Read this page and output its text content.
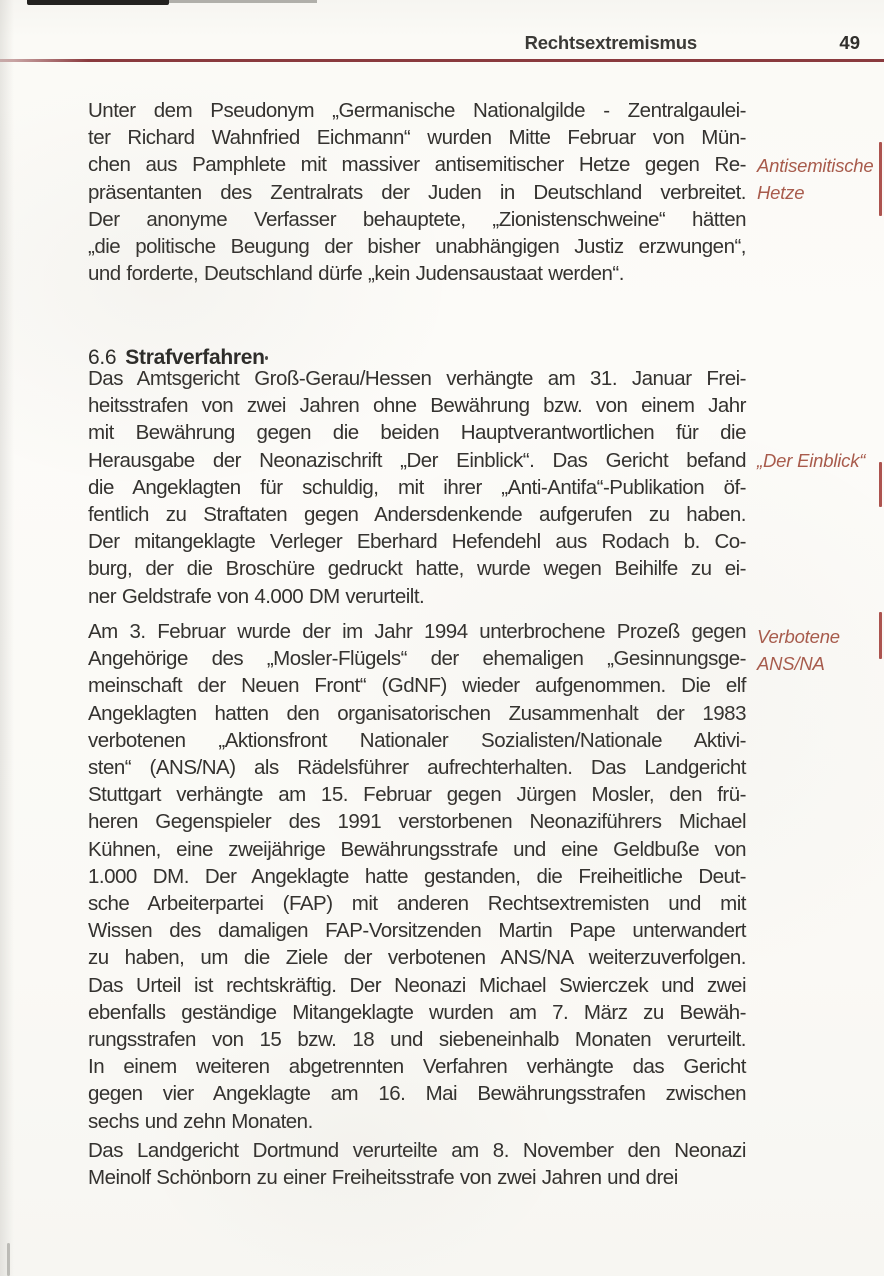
Rechtsextremismus	49
Unter dem Pseudonym „Germanische Nationalgilde - Zentralgaulei-
ter Richard Wahnfried Eichmann“ wurden Mitte Februar von Mün-
chen aus Pamphlete mit massiver antisemitischer Hetze gegen Re-
präsentanten des Zentralrats der Juden in Deutschland verbreitet.
Der anonyme Verfasser behauptete, „Zionistenschweine“ hätten
„die politische Beugung der bisher unabhängigen Justiz erzwungen“,
und forderte, Deutschland dürfe „kein Judensaustaat werden“.
Das Amtsgericht Groß-Gerau/Hessen verhängte am 31. Januar Frei-
heitsstrafen von zwei Jahren ohne Bewährung bzw. von einem Jahr
mit Bewährung gegen die beiden Hauptverantwortlichen für die
Herausgabe der Neonazischrift „Der Einblick“. Das Gericht befand
die Angeklagten für schuldig, mit ihrer „Anti-Antifa“-Publikation öf-
fentlich zu Straftaten gegen Andersdenkende aufgerufen zu haben.
Der mitangeklagte Verleger Eberhard Hefendehl aus Rodach b. Co-
burg, der die Broschüre gedruckt hatte, wurde wegen Beihilfe zu ei-
ner Geldstrafe von 4.000 DM verurteilt.
Am 3. Februar wurde der im Jahr 1994 unterbrochene Prozeß gegen
Angehörige des „Mosler-Flügels“ der ehemaligen „Gesinnungsge-
meinschaft der Neuen Front“ (GdNF) wieder aufgenommen. Die elf
Angeklagten hatten den organisatorischen Zusammenhalt der 1983
verbotenen „Aktionsfront Nationaler Sozialisten/Nationale Aktivi-
sten“ (ANS/NA) als Rädelsführer aufrechterhalten. Das Landgericht
Stuttgart verhängte am 15. Februar gegen Jürgen Mosler, den frü-
heren Gegenspieler des 1991 verstorbenen Neonaziführers Michael
Kühnen, eine zweijährige Bewährungsstrafe und eine Geldbuße von
1.000 DM. Der Angeklagte hatte gestanden, die Freiheitliche Deut-
sche Arbeiterpartei (FAP) mit anderen Rechtsextremisten und mit
Wissen des damaligen FAP-Vorsitzenden Martin Pape unterwandert
zu haben, um die Ziele der verbotenen ANS/NA weiterzuverfolgen.
Das Urteil ist rechtskräftig. Der Neonazi Michael Swierczek und zwei
ebenfalls geständige Mitangeklagte wurden am 7. März zu Bewäh-
rungsstrafen von 15 bzw. 18 und siebeneinhalb Monaten verurteilt.
In einem weiteren abgetrennten Verfahren verhängte das Gericht
gegen vier Angeklagte am 16. Mai Bewährungsstrafen zwischen
sechs und zehn Monaten.
Das Landgericht Dortmund verurteilte am 8. November den Neonazi
Meinolf Schönborn zu einer Freiheitsstrafe von zwei Jahren und drei
6.6 Strafverfahren
Antisemitische
Hetze
„Der Einblick“
Verbotene
ANS/NA
